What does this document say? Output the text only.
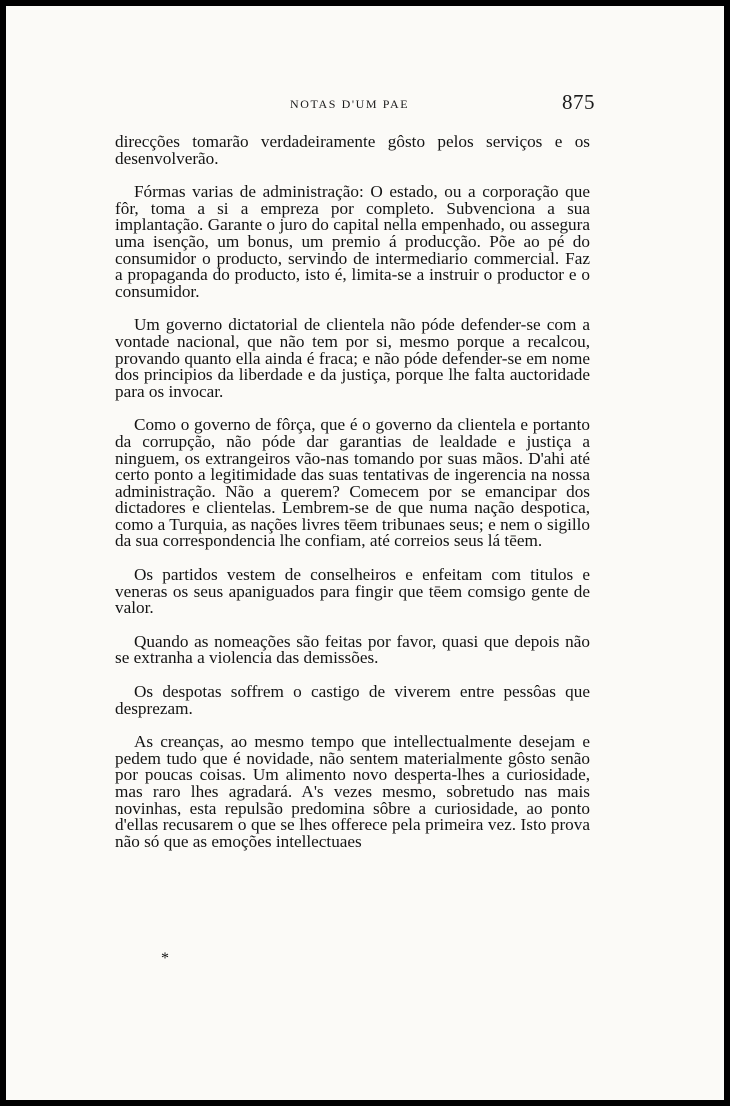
NOTAS D'UM PAE	875

direcções tomarão verdadeiramente gôsto pelos serviços e os desenvolverão.

Fórmas varias de administração: O estado, ou a corporação que fôr, toma a si a empreza por completo. Subvenciona a sua implantação. Garante o juro do capital nella empenhado, ou assegura uma isenção, um bonus, um premio á producção. Põe ao pé do consumidor o producto, servindo de intermediario commercial. Faz a propaganda do producto, isto é, limita-se a instruir o productor e o consumidor.

Um governo dictatorial de clientela não póde defender-se com a vontade nacional, que não tem por si, mesmo porque a recalcou, provando quanto ella ainda é fraca; e não póde defender-se em nome dos principios da liberdade e da justiça, porque lhe falta auctoridade para os invocar.

Como o governo de fôrça, que é o governo da clientela e portanto da corrupção, não póde dar garantias de lealdade e justiça a ninguem, os extrangeiros vão-nas tomando por suas mãos. D'ahi até certo ponto a legitimidade das suas tentativas de ingerencia na nossa administração. Não a querem? Comecem por se emancipar dos dictadores e clientelas. Lembrem-se de que numa nação despotica, como a Turquia, as nações livres tēem tribunaes seus; e nem o sigillo da sua correspondencia lhe confiam, até correios seus lá tēem.

Os partidos vestem de conselheiros e enfeitam com titulos e veneras os seus apaniguados para fingir que tēem comsigo gente de valor.

Quando as nomeações são feitas por favor, quasi que depois não se extranha a violencia das demissões.

Os despotas soffrem o castigo de viverem entre pessôas que desprezam.

As creanças, ao mesmo tempo que intellectualmente desejam e pedem tudo que é novidade, não sentem materialmente gôsto senão por poucas coisas. Um alimento novo desperta-lhes a curiosidade, mas raro lhes agradará. A's vezes mesmo, sobretudo nas mais novinhas, esta repulsão predomina sôbre a curiosidade, ao ponto d'ellas recusarem o que se lhes offerece pela primeira vez. Isto prova não só que as emoções intellectuaes

*
